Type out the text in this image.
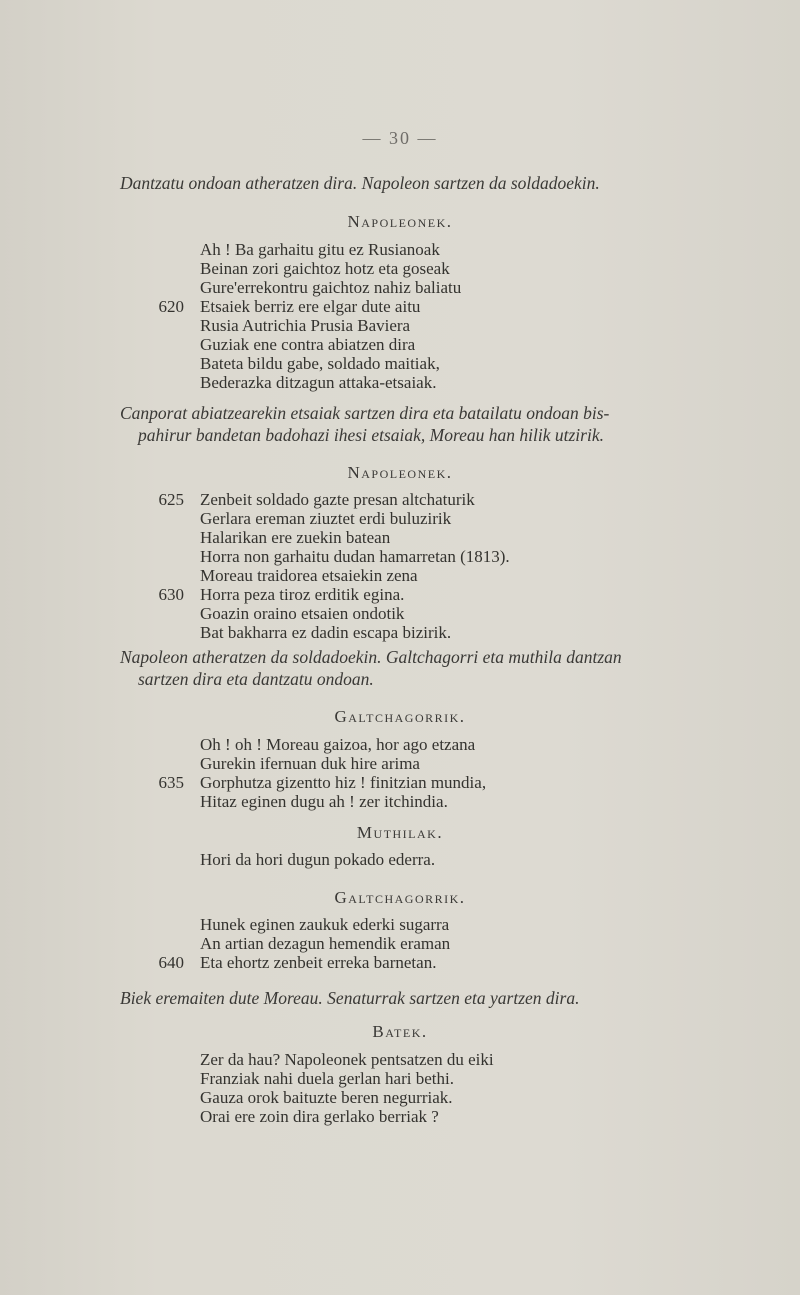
— 30 —
Dantzatu ondoan atheratzen dira. Napoleon sartzen da soldadoekin.
Napoleonek.
Ah ! Ba garhaitu gitu ez Rusianoak
Beinan zori gaichtoz hotz eta goseak
Gure'errekontru gaichtoz nahiz baliatu
620 Etsaiek berriz ere elgar dute aitu
Rusia Autrichia Prusia Baviera
Guziak ene contra abiatzen dira
Bateta bildu gabe, soldado maitiak,
Bederazka ditzagun attaka-etsaiak.
Canporat abiatzearekin etsaiak sartzen dira eta batailatu ondoan bis-
pahirur bandetan badohazi ihesi etsaiak, Moreau han hilik utzirik.
Napoleonek.
625 Zenbeit soldado gazte presan altchaturik
Gerlara ereman ziuztet erdi buluzirik
Halarikan ere zuekin batean
Horra non garhaitu dudan hamarretan (1813).
Moreau traidorea etsaiekin zena
630 Horra peza tiroz erditik egina.
Goazin oraino etsaien ondotik
Bat bakharra ez dadin escapa bizirik.
Napoleon atheratzen da soldadoekin. Galtchagorri eta muthila dantzan
sartzen dira eta dantzatu ondoan.
Galtchagorrik.
Oh ! oh ! Moreau gaizoa, hor ago etzana
Gurekin ifernuan duk hire arima
635 Gorphutza gizentto hiz ! finitzian mundia,
Hitaz eginen dugu ah ! zer itchindia.
Muthilak.
Hori da hori dugun pokado ederra.
Galtchagorrik.
Hunek eginen zaukuk ederki sugarra
An artian dezagun hemendik eraman
640 Eta ehortz zenbeit erreka barnetan.
Biek eremaiten dute Moreau. Senaturrak sartzen eta yartzen dira.
Batek.
Zer da hau? Napoleonek pentsatzen du eiki
Franziak nahi duela gerlan hari bethi.
Gauza orok baituzte beren negurriak.
Orai ere zoin dira gerlako berriak ?
